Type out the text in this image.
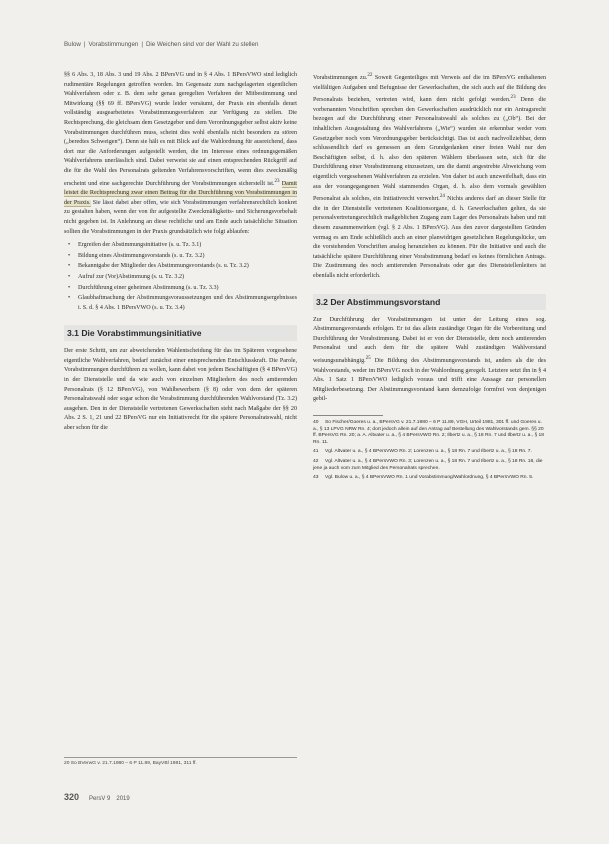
Bulow | Vorabstimmungen | Die Weichen sind vor der Wahl zu stellen

§§ 6 Abs. 3, 18 Abs. 3 und 19 Abs. 2 BPersVG und in § 4 Abs. 1 BPersVWO sind lediglich rudimentäre Regelungen getroffen worden. Im Gegensatz zum nachgelagerten eigentlichen Wahlverfahren oder z. B. dem sehr genau geregelten Verfahren der Mitbestimmung und Mitwirkung (§§ 69 ff. BPersVG) wurde leider versäumt, der Praxis ein ebenfalls derart vollständig ausgearbeitetes Vorabstimmungsverfahren zur Verfügung zu stellen. Die Rechtsprechung, die gleichsam dem Gesetzgeber und dem Verordnungsgeber selbst aktiv keine Vorabstimmungen durchführen muss, scheint dies wohl ebenfalls nicht besonders zu stören („beredtes Schweigen“). Denn sie hält es mit Blick auf die Wahlordnung für ausreichend, dass dort nur die Anforderungen aufgestellt werden, die im Interesse eines ordnungsgemäßen Wahlverfahrens unerlässlich sind. Dabei verweist sie auf einen entsprechenden Rückgriff auf die für die Wahl des Personalrats geltenden Verfahrensvorschriften, wenn dies zweckmäßig erscheint und eine sachgerechte Durchführung der Vorabstimmungen sicherstellt ist.$^{23}$ Damit leistet die Rechtsprechung zwar einen Beitrag für die Durchführung von Vorabstimmungen in der Praxis. Sie lässt dabei aber offen, wie sich Vorabstimmungen verfahrensrechtlich konkret zu gestalten haben, wenn der von ihr aufgestellte Zweckmäßigkeits- und Sicherungsvorbehalt nicht gegeben ist. In Anlehnung an diese rechtliche und am Ende auch tatsächliche Situation sollten die Vorabstimmungen in der Praxis grundsätzlich wie folgt ablaufen:

• Ergreifen der Abstimmungsinitiative (s. u. Tz. 3.1)
• Bildung eines Abstimmungsvorstands (s. u. Tz. 3.2)
• Bekanntgabe der Mitglieder des Abstimmungsvorstands (s. u. Tz. 3.2)
• Aufruf zur (Vor)Abstimmung (s. u. Tz. 3.2)
• Durchführung einer geheimen Abstimmung (s. u. Tz. 3.3)
• Glaubhaftmachung der Abstimmungsvoraussetzungen und des Abstimmungsergebnisses i. S. d. § 4 Abs. 1 BPersVWO (s. u. Tz. 3.4)
3.1 Die Vorabstimmungsinitiative

Der erste Schritt, um zur abweichenden Wahlentscheidung für das im Späteren vorgesehene eigentliche Wahlverfahren, bedarf zunächst einer entsprechenden Entschlusskraft. Die Parole, Vorabstimmungen durchführen zu wollen, kann dabei von jedem Beschäftigten (§ 4 BPersVG) in der Dienststelle und da wie auch von einzelnen Mitgliedern des noch amtierenden Personalrats (§ 12 BPersVG), von Wahlbewerbern (§ 8) oder von dem der späteren Personalratswahl oder sogar schon die Vorabstimmung durchführenden Wahlvorstand (Tz. 3.2) ausgehen. Den in der Dienststelle vertretenen Gewerkschaften steht nach Maßgabe der §§ 20 Abs. 2 S. 1, 21 und 22 BPersVG nur ein Initiativrecht für die spätere Personalratswahl, nicht aber schon für die

20 So BVerwG v. 21.7.1980 – 6 P 11.89, BayVBl 1981, 311 ff.

Vorabstimmungen zu.$^{22}$ Soweit Gegenteiliges mit Verweis auf die im BPersVG enthaltenen vielfältigen Aufgaben und Befugnisse der Gewerkschaften, die sich auch auf die Bildung des Personalrats beziehen, vertreten wird, kann dem nicht gefolgt werden.$^{23}$ Denn die vorbenannten Vorschriften sprechen den Gewerkschaften ausdrücklich nur ein Antragsrecht bezogen auf die Durchführung einer Personalratswahl als solches zu („Ob“). Bei der inhaltlichen Ausgestaltung des Wahlverfahrens („Wie“) wurden sie erkennbar weder vom Gesetzgeber noch vom Verordnungsgeber berücksichtigt. Das ist auch nachvollziehbar, denn schlussendlich darf es gemessen an dem Grundgedanken einer freien Wahl nur den Beschäftigten selbst, d. h. also den späteren Wählern überlassen sein, sich für die Durchführung einer Vorabstimmung einzusetzen, um die damit angestrebte Abweichung vom eigentlich vorgesehenen Wahlverfahren zu erzielen. Von daher ist auch unzweifelhaft, dass ein aus der vorangegangenen Wahl stammendes Organ, d. h. also dem vormals gewählten Personalrat als solches, ein Initiativrecht verwehrt.$^{24}$ Nichts anderes darf an dieser Stelle für die in der Dienststelle vertretenen Koalitionsorgane, d. h. Gewerkschaften gelten, da sie personalvertretungsrechtlich maßgeblichen Zugang zum Lager des Personalrats haben und mit diesem zusammenwirken (vgl. § 2 Abs. 1 BPersVG). Aus den zuvor dargestellten Gründen vermag es am Ende schließlich auch an einer planwidrigen gesetzlichen Regelungslücke, um die vorstehenden Vorschriften analog heranziehen zu können. Für die Initiative und auch die tatsächliche spätere Durchführung einer Vorabstimmung bedarf es keines förmlichen Antrags. Die Zustimmung des noch amtierenden Personalrats oder gar des Dienststellenleiters ist ebenfalls nicht erforderlich.

3.2 Der Abstimmungsvorstand

Zur Durchführung der Vorabstimmungen ist unter der Leitung eines sog. Abstimmungsvorstands erfolgen. Er ist das allein zuständige Organ für die Vorbereitung und Durchführung der Vorabstimmung. Dabei ist er von der Dienststelle, dem noch amtierenden Personalrat und auch dem für die spätere Wahl zuständigen Wahlvorstand weisungsunabhängig.$^{25}$ Die Bildung des Abstimmungsvorstands ist, anders als die des Wahlvorstands, weder im BPersVG noch in der Wahlordnung geregelt. Letztere setzt ihn in § 4 Abs. 1 Satz 1 BPersVWO lediglich voraus und trifft eine Aussage zur personellen Mitgliederbesetzung. Der Abstimmungsvorstand kann demzufolge formfrei von denjenigen gebil-

40 So Fischer/Goeres u. a., BPersVG v. 21.7.1980 – 6 P 11.89, VGH, Urteil 1981, 301 ff. und Goeres u. a., § 13 LPVG NRW Rn. 4; dort jedoch allein auf den Antrag auf Bestellung des Wahlvorstands gem. §§ 20 ff. BPersVG Rn. 20; a. A. Altvater u. a., § 4 BPersVWO Rn. 2; Ilbertz u. a., § 18 Rn. 7 und Ilbertz u. a., § 18 Rn. 11.
41 Vgl. Altvater u. a., § 4 BPersVWO Rn. 2; Lorenzen u. a., § 18 Rn. 7 und Ilbertz u. a., § 18 Rn. 7.
42 Vgl. Altvater u. a., § 4 BPersVWO Rn. 3; Lorenzen u. a., § 18 Rn. 7 und Ilbertz u. a., § 18 Rn. 18, die jene ja auch vom zum Mitglied des Personalrats sprechen.
43 Vgl. Bulow u. a., § 4 BPersVWO Rn. 1 und Vorabstimmung/Wahlordnung, § 4 BPersVWO Rn. 5.
320 PersV 9 2019
